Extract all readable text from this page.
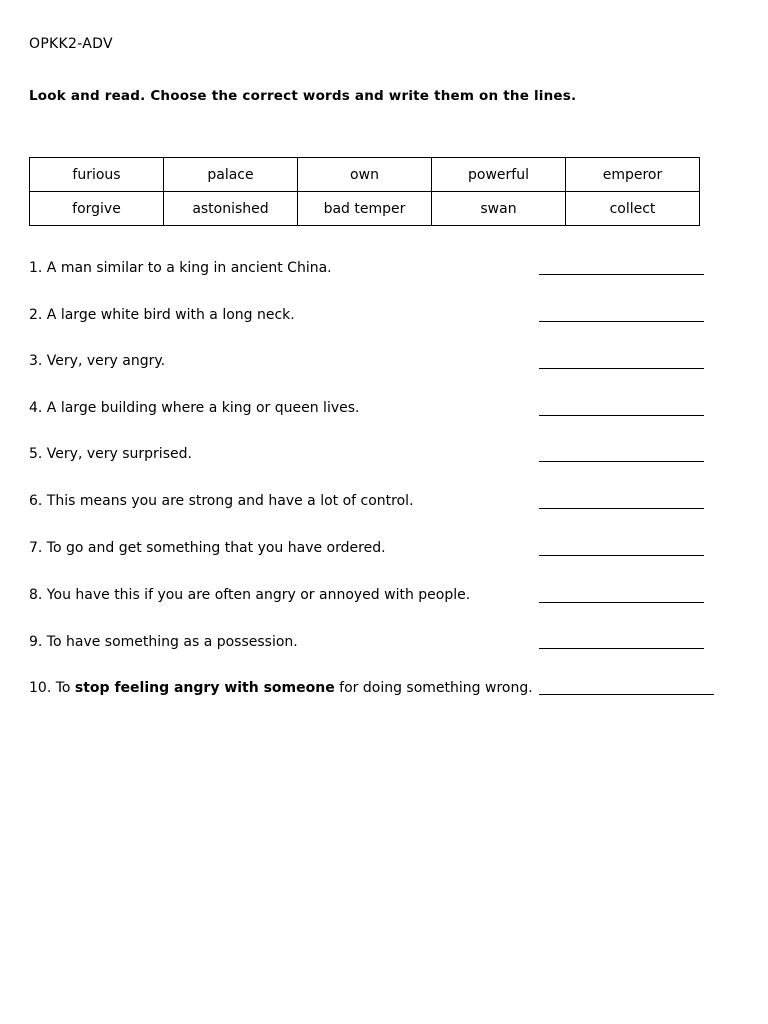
OPKK2-ADV
Look and read. Choose the correct words and write them on the lines.
furious	palace	own	powerful	emperor
forgive	astonished	bad temper	swan	collect
1. A man similar to a king in ancient China.
2. A large white bird with a long neck.
3. Very, very angry.
4. A large building where a king or queen lives.
5. Very, very surprised.
6. This means you are strong and have a lot of control.
7. To go and get something that you have ordered.
8. You have this if you are often angry or annoyed with people.
9. To have something as a possession.
10. To stop feeling angry with someone for doing something wrong.
